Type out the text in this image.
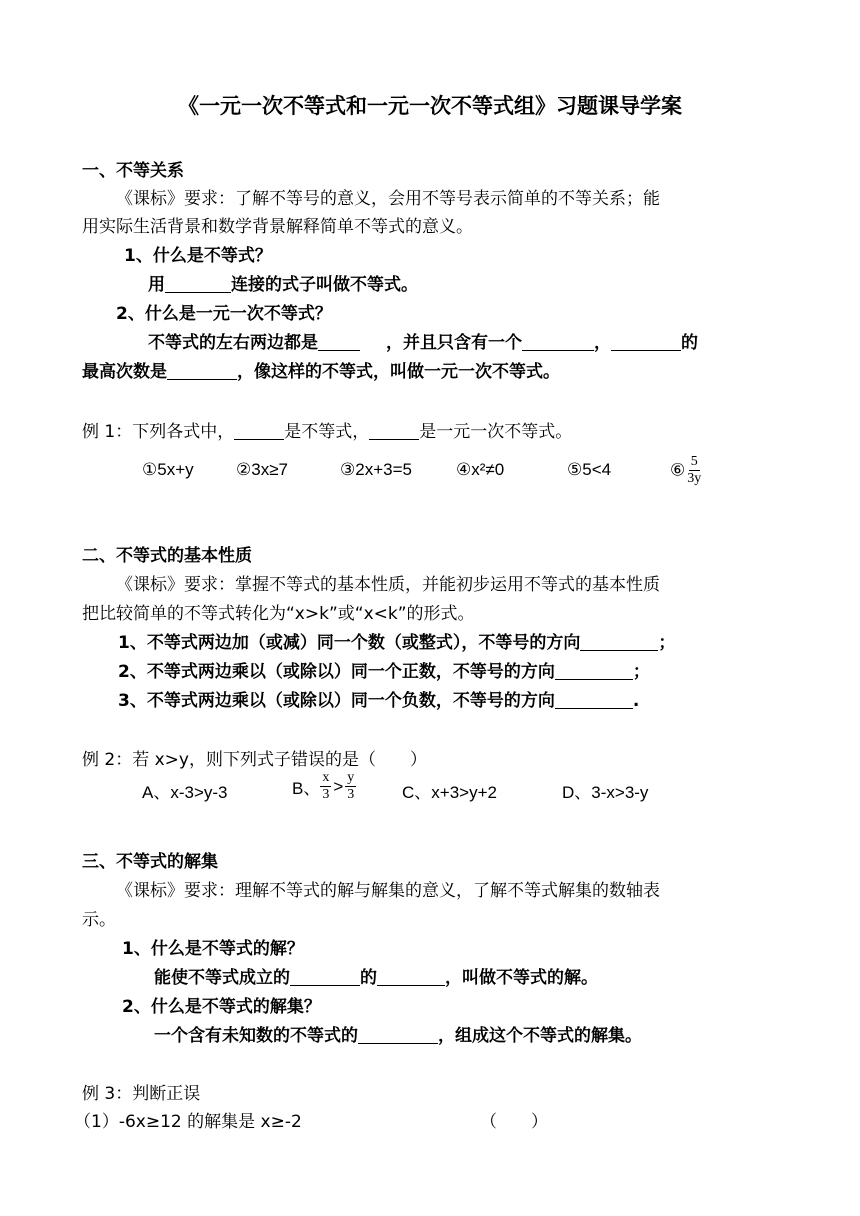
《一元一次不等式和一元一次不等式组》习题课导学案
一、不等关系
《课标》要求：了解不等号的意义，会用不等号表示简单的不等关系；能
用实际生活背景和数学背景解释简单不等式的意义。
1、什么是不等式？
用	连接的式子叫做不等式。
2、什么是一元一次不等式？
不等式的左右两边都是	，并且只含有一个	，	的
最高次数是	，像这样的不等式，叫做一元一次不等式。
例 1：下列各式中，	是不等式，	是一元一次不等式。
①5x+y ②3x≥7	③2x+3=5	④x²≠0	⑤5<4	⑥ $\frac{5}{3y}$
二、不等式的基本性质
《课标》要求：掌握不等式的基本性质，并能初步运用不等式的基本性质
把比较简单的不等式转化为“x>k”或“x<k”的形式。
1、不等式两边加（或减）同一个数（或整式），不等号的方向	；
2、不等式两边乘以（或除以）同一个正数，不等号的方向	；
3、不等式两边乘以（或除以）同一个负数，不等号的方向	.
例 2：若 x>y，则下列式子错误的是（　　）
A、x-3>y-3	B、 $\frac{x}{3} > \frac{y}{3}$	C、x+3>y+2	D、3-x>3-y
三、不等式的解集
《课标》要求：理解不等式的解与解集的意义，了解不等式解集的数轴表
示。
1、什么是不等式的解？
能使不等式成立的	的	，叫做不等式的解。
2、什么是不等式的解集？
一个含有未知数的不等式的	，组成这个不等式的解集。
例 3：判断正误
（1）-6x≥12 的解集是 x≥-2	（　　）
